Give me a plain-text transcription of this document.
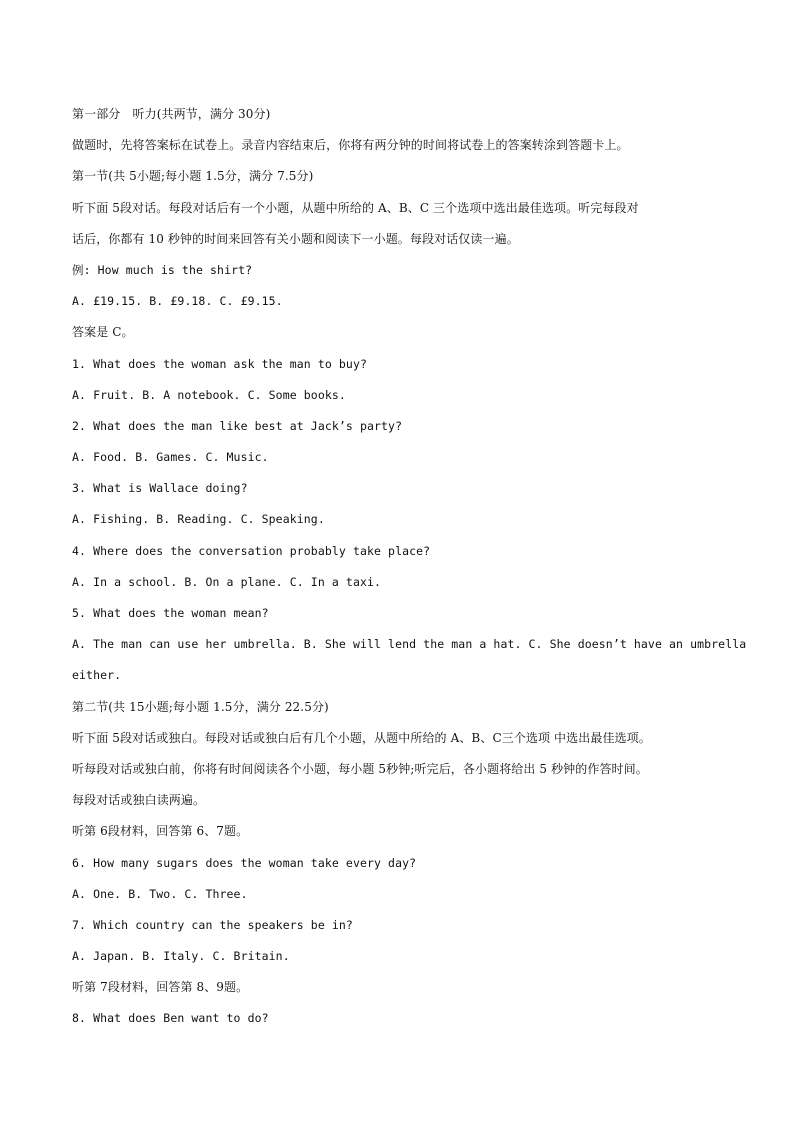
第一部分　听力(共两节，满分 30分)
做题时，先将答案标在试卷上。录音内容结束后，你将有两分钟的时间将试卷上的答案转涂到答题卡上。
第一节(共 5小题;每小题 1.5分，满分 7.5分)
听下面 5段对话。每段对话后有一个小题，从题中所给的 A、B、C 三个选项中选出最佳选项。听完每段对
话后，你都有 10 秒钟的时间来回答有关小题和阅读下一小题。每段对话仅读一遍。
例: How much is the shirt?
A. £19.15. B. £9.18. C. £9.15.
答案是 C。
1. What does the woman ask the man to buy?
A. Fruit. B. A notebook. C. Some books.
2. What does the man like best at Jack’s party?
A. Food. B. Games. C. Music.
3. What is Wallace doing?
A. Fishing. B. Reading. C. Speaking.
4. Where does the conversation probably take place?
A. In a school. B. On a plane. C. In a taxi.
5. What does the woman mean?
A. The man can use her umbrella. B. She will lend the man a hat. C. She doesn’t have an umbrella
either.
第二节(共 15小题;每小题 1.5分，满分 22.5分)
听下面 5段对话或独白。每段对话或独白后有几个小题，从题中所给的 A、B、C三个选项 中选出最佳选项。
听每段对话或独白前，你将有时间阅读各个小题，每小题 5秒钟;听完后，各小题将给出 5 秒钟的作答时间。
每段对话或独白读两遍。
听第 6段材料，回答第 6、7题。
6. How many sugars does the woman take every day?
A. One. B. Two. C. Three.
7. Which country can the speakers be in?
A. Japan. B. Italy. C. Britain.
听第 7段材料，回答第 8、9题。
8. What does Ben want to do?
